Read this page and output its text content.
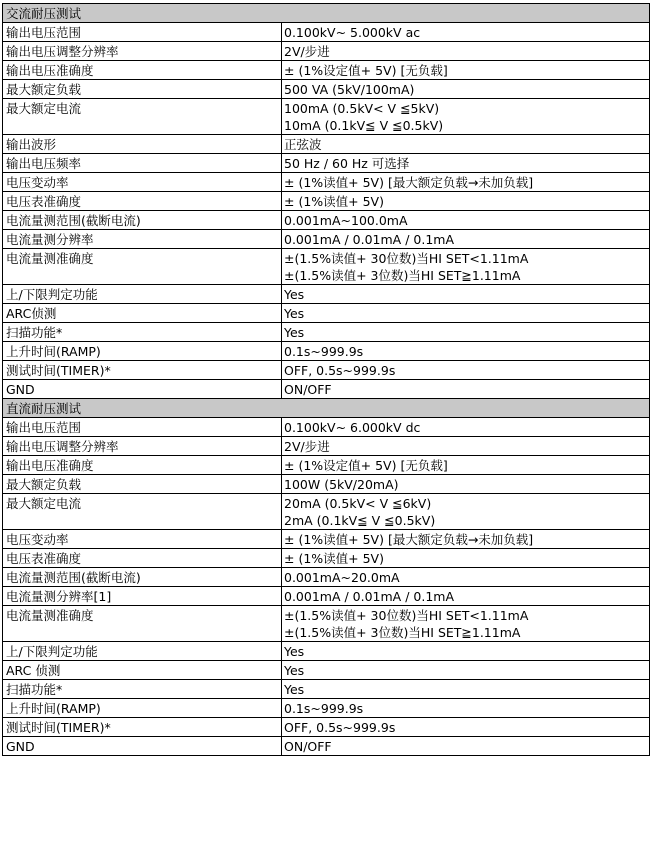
交流耐压测试	
输出电压范围	0.100kV~ 5.000kV ac

输出电压调整分辨率	2V/步进

输出电压准确度	± (1%设定值+ 5V) [无负载]

最大额定负载	500 VA (5kV/100mA)

最大额定电流	100mA (0.5kV< V ≦5kV)
10mA (0.1kV≦ V ≦0.5kV)

输出波形	正弦波

输出电压频率	50 Hz / 60 Hz 可选择

电压变动率	± (1%读值+ 5V) [最大额定负载→未加负载]

电压表准确度	± (1%读值+ 5V)

电流量测范围(截断电流)	0.001mA~100.0mA

电流量测分辨率	0.001mA / 0.01mA / 0.1mA

电流量测准确度	±(1.5%读值+ 30位数)当HI SET<1.11mA
±(1.5%读值+ 3位数)当HI SET≧1.11mA

上/下限判定功能	Yes

ARC侦测	Yes

扫描功能*	Yes

上升时间(RAMP)	0.1s~999.9s

测试时间(TIMER)*	OFF, 0.5s~999.9s

GND	ON/OFF

直流耐压测试	
输出电压范围	0.100kV~ 6.000kV dc

输出电压调整分辨率	2V/步进

输出电压准确度	± (1%设定值+ 5V) [无负载]

最大额定负载	100W (5kV/20mA)

最大额定电流	20mA (0.5kV< V ≦6kV)
2mA (0.1kV≦ V ≦0.5kV)

电压变动率	± (1%读值+ 5V) [最大额定负载→未加负载]

电压表准确度	± (1%读值+ 5V)

电流量测范围(截断电流)	0.001mA~20.0mA

电流量测分辨率[1]	0.001mA / 0.01mA / 0.1mA

电流量测准确度	±(1.5%读值+ 30位数)当HI SET<1.11mA
±(1.5%读值+ 3位数)当HI SET≧1.11mA

上/下限判定功能	Yes

ARC 侦测	Yes

扫描功能*	Yes

上升时间(RAMP)	0.1s~999.9s

测试时间(TIMER)*	OFF, 0.5s~999.9s

GND	ON/OFF
